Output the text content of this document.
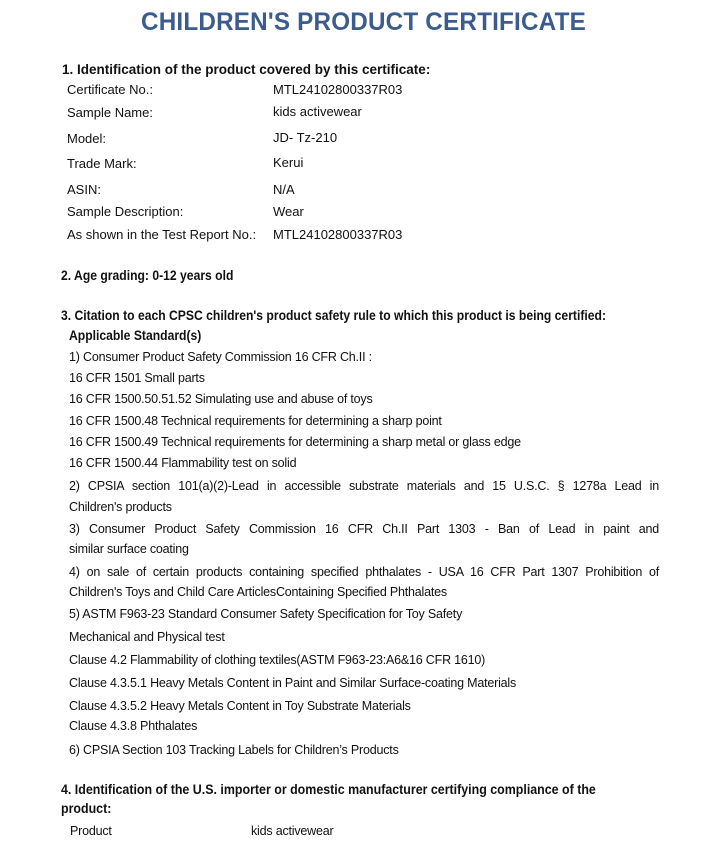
CHILDREN'S PRODUCT CERTIFICATE
1. Identification of the product covered by this certificate:
Certificate No.:	MTL24102800337R03
Sample Name:	kids activewear
Model:	JD- Tz-210
Trade Mark:	Kerui
ASIN:	N/A
Sample Description:	Wear
As shown in the Test Report No.: MTL24102800337R03
2. Age grading: 0-12 years old
3. Citation to each CPSC children's product safety rule to which this product is being certified:
Applicable Standard(s)
1) Consumer Product Safety Commission 16 CFR Ch.II :
16 CFR 1501 Small parts
16 CFR 1500.50.51.52 Simulating use and abuse of toys
16 CFR 1500.48 Technical requirements for determining a sharp point
16 CFR 1500.49 Technical requirements for determining a sharp metal or glass edge
16 CFR 1500.44 Flammability test on solid
2) CPSIA section 101(a)(2)-Lead in accessible substrate materials and 15 U.S.C. § 1278a Lead in
Children's products
3) Consumer Product Safety Commission 16 CFR Ch.II Part 1303 - Ban of Lead in paint and
similar surface coating
4) on sale of certain products containing specified phthalates - USA 16 CFR Part 1307 Prohibition of
Children's Toys and Child Care ArticlesContaining Specified Phthalates
5) ASTM F963-23 Standard Consumer Safety Specification for Toy Safety
Mechanical and Physical test
Clause 4.2 Flammability of clothing textiles(ASTM F963-23:A6&16 CFR 1610)
Clause 4.3.5.1 Heavy Metals Content in Paint and Similar Surface-coating Materials
Clause 4.3.5.2 Heavy Metals Content in Toy Substrate Materials
Clause 4.3.8 Phthalates
6) CPSIA Section 103 Tracking Labels for Children’s Products
4. Identification of the U.S. importer or domestic manufacturer certifying compliance of the
product:
Product	kids activewear
